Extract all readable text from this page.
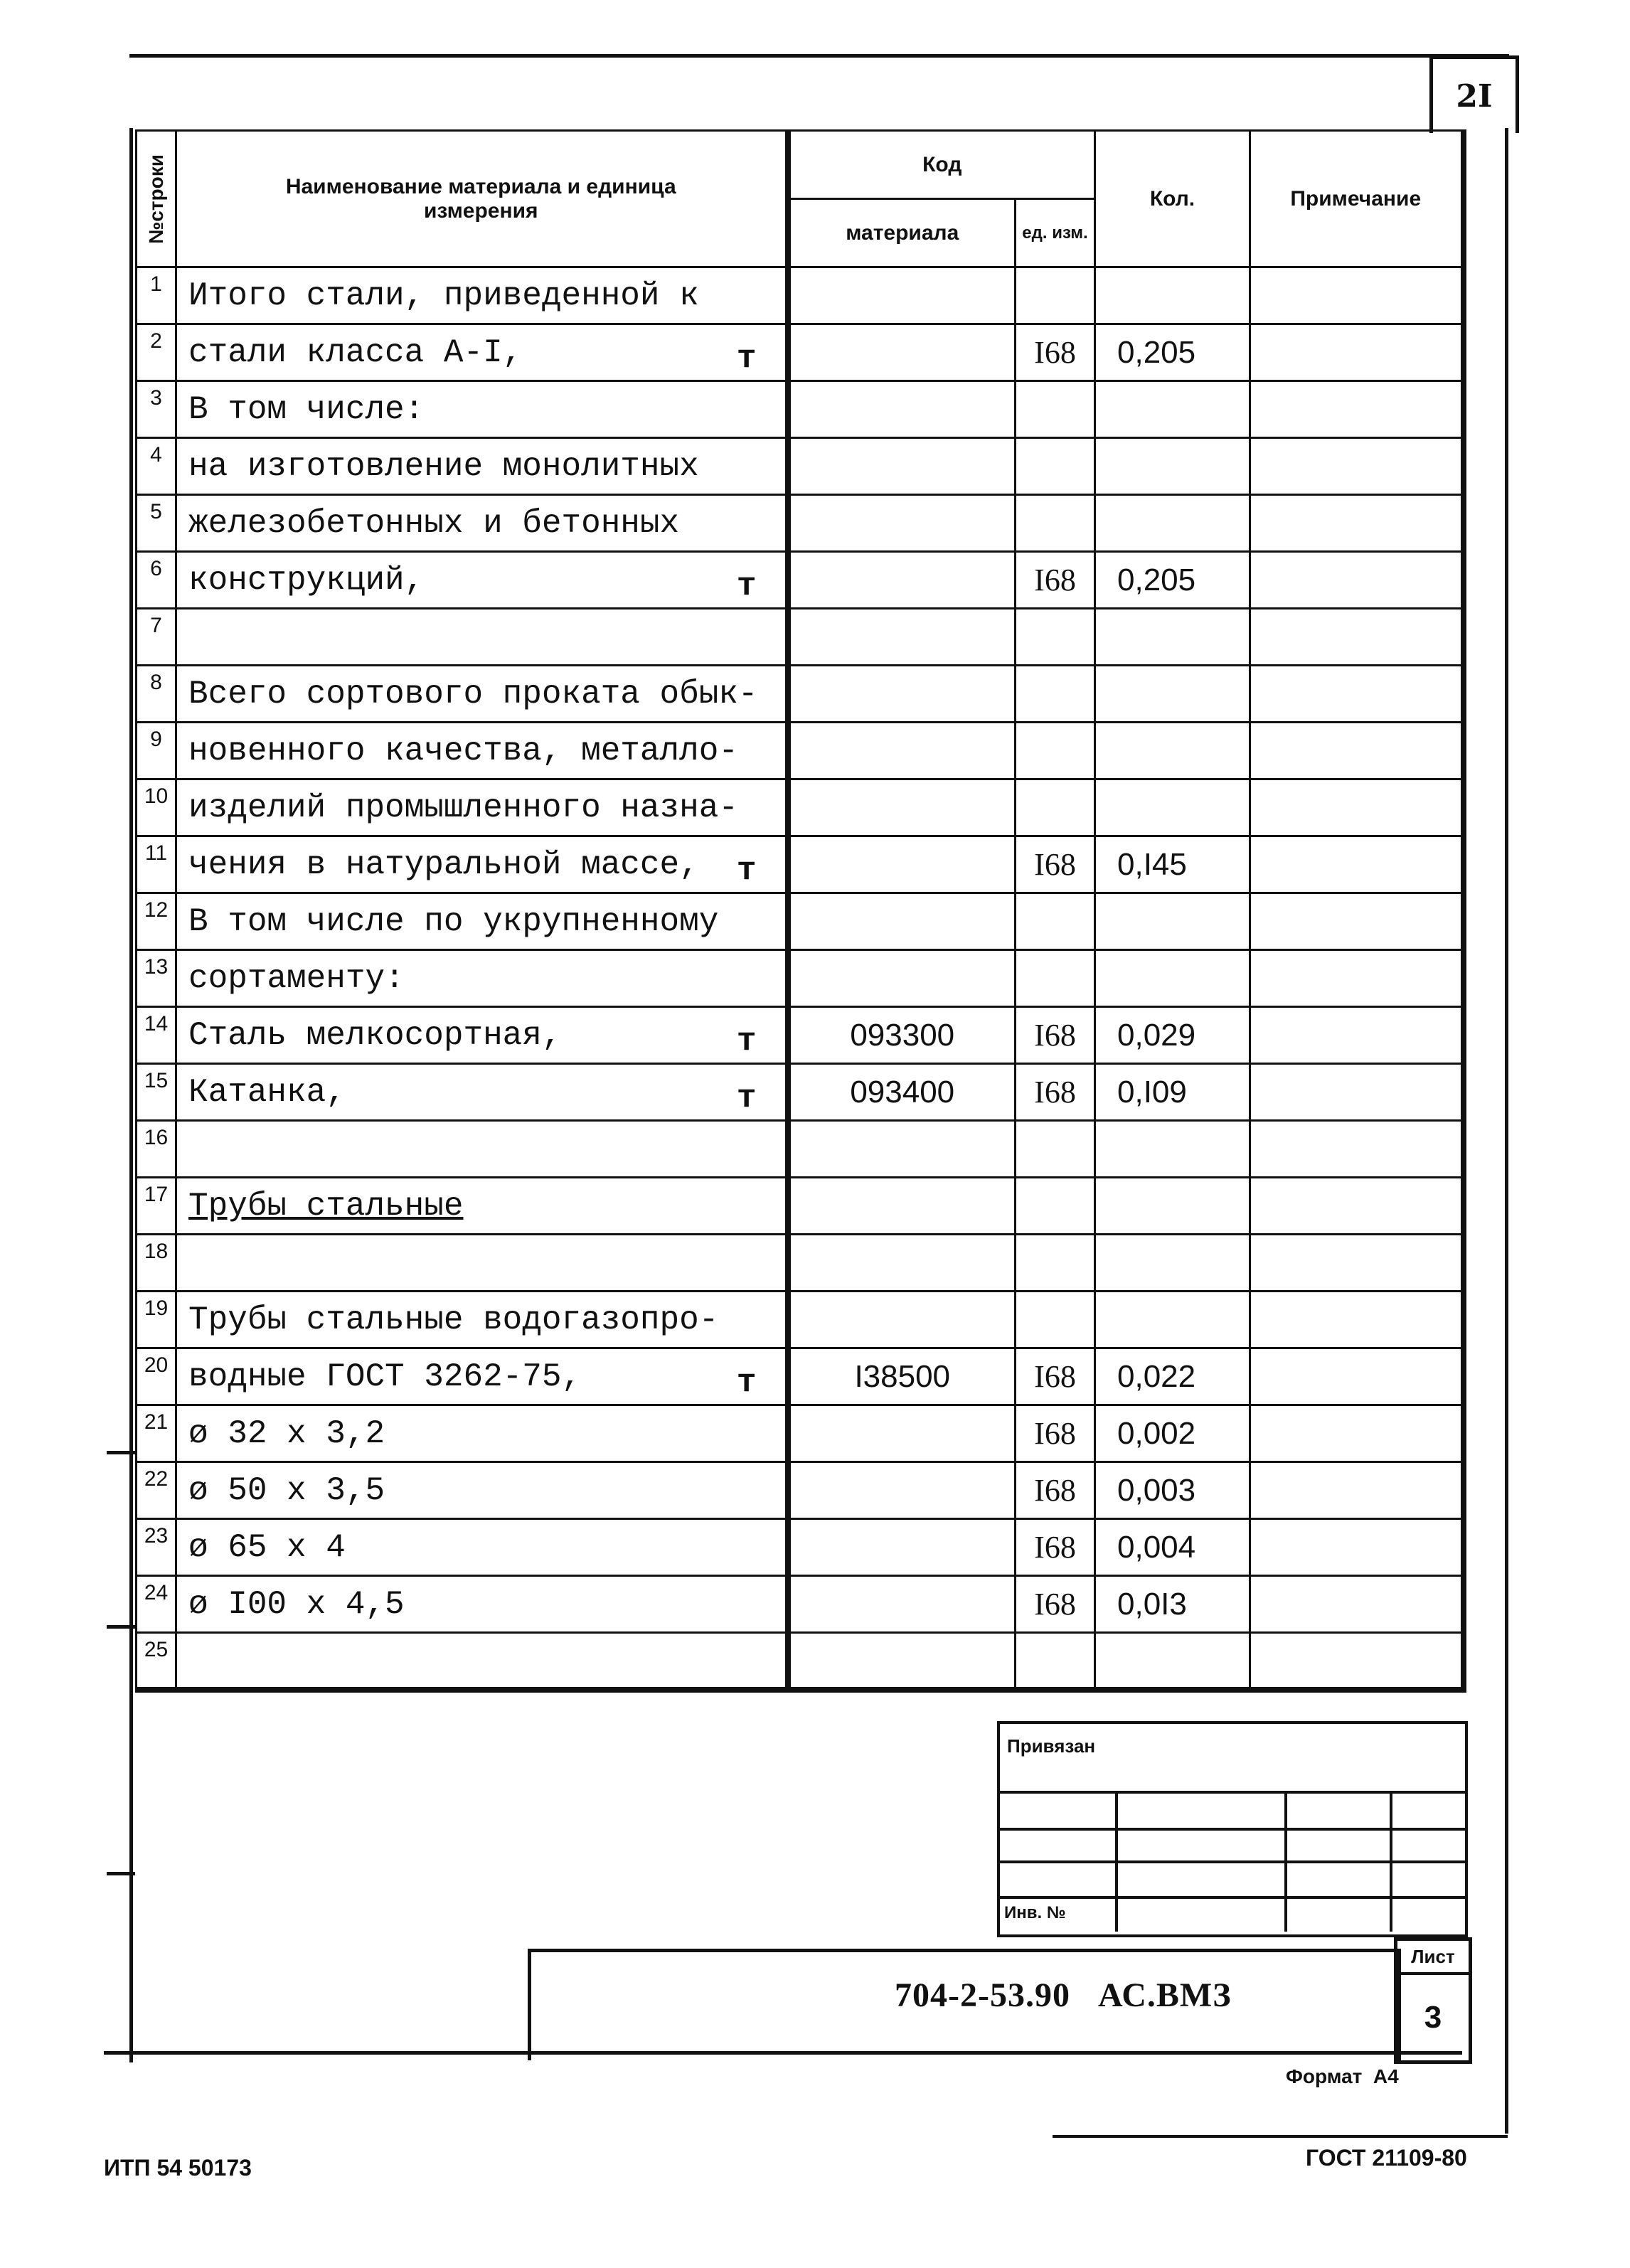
2I
№строки	Наименование материала и единица измерения	Код		Кол.	Примечание
		материала	ед. изм.		
1	Итого стали, приведенной к

2	стали класса А-I, т		I68	0,205	
3	В том числе:

4	на изготовление монолитных

5	железобетонных и бетонных

6	конструкций, т		I68	0,205	
7	

8	Всего сортового проката обык-

9	новенного качества, металло-

10	изделий промышленного назна-

11	чения в натуральной массе, т		I68	0,I45	
12	В том числе по укрупненному

13	сортаменту:

14	Сталь мелкосортная, т	093300	I68	0,029	
15	Катанка, т	093400	I68	0,I09	
16	

17	Трубы стальные

18	

19	Трубы стальные водогазопро-

20	водные ГОСТ 3262-75, т	I38500	I68	0,022	
21	ø 32 х 3,2		I68	0,002	
22	ø 50 х 3,5		I68	0,003	
23	ø 65 х 4		I68	0,004	
24	ø I00 х 4,5		I68	0,0I3	
25	

Привязан
Инв. №
704-2-53.90   АС.ВМЗ
Лист
3
Формат  А4
ИТП 54 50173	ГОСТ 21109-80
